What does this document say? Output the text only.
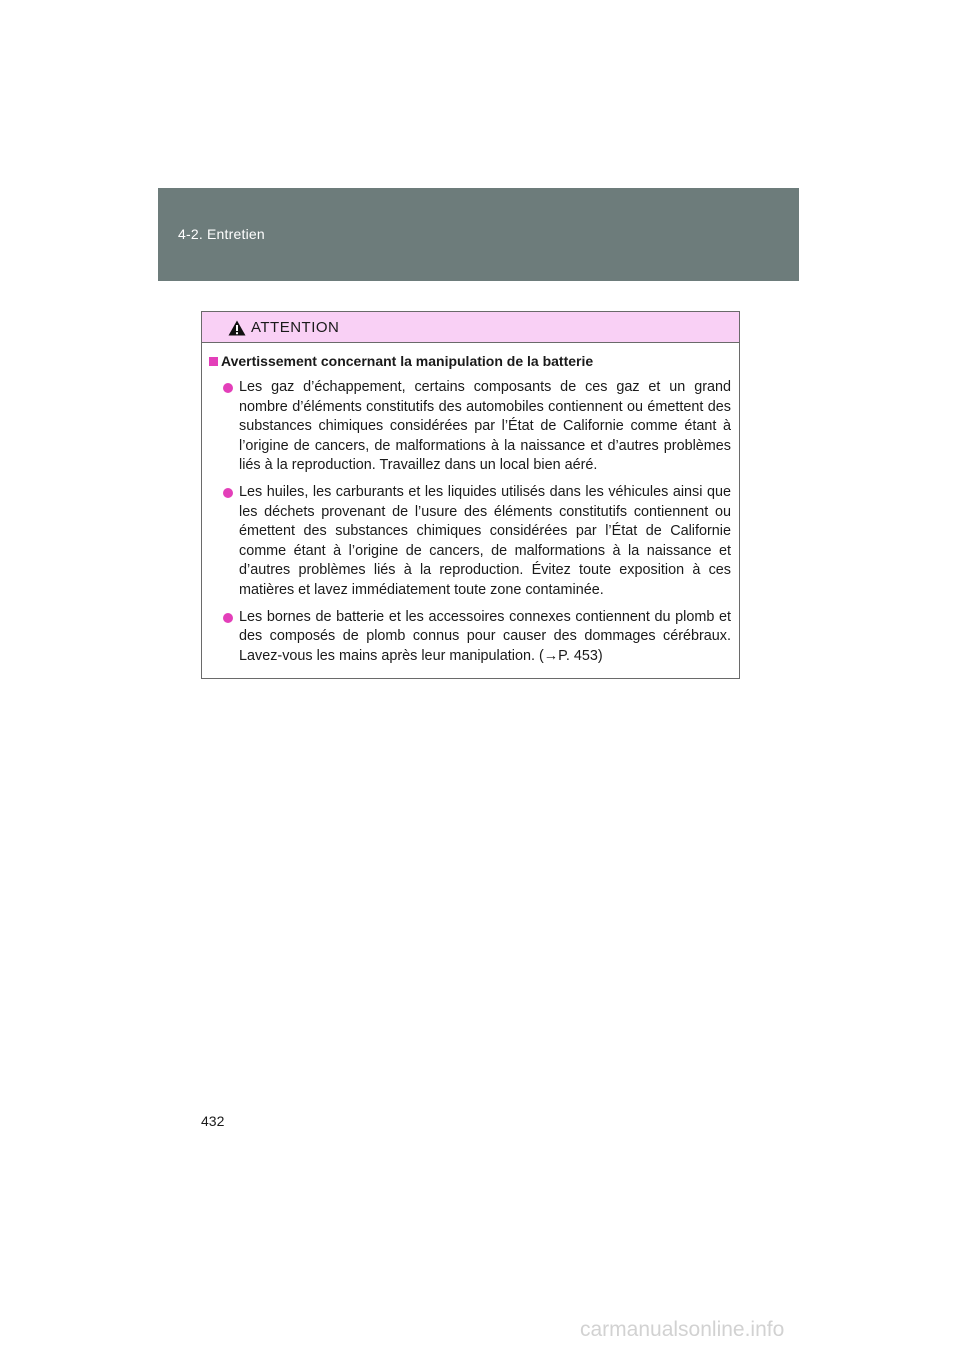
4-2. Entretien
ATTENTION
Avertissement concernant la manipulation de la batterie
Les gaz d’échappement, certains composants de ces gaz et un grand nombre d’éléments constitutifs des automobiles contiennent ou émettent des substances chimiques considérées par l’État de Californie comme étant à l’origine de cancers, de malformations à la naissance et d’autres problèmes liés à la reproduction. Travaillez dans un local bien aéré.
Les huiles, les carburants et les liquides utilisés dans les véhicules ainsi que les déchets provenant de l’usure des éléments constitutifs contiennent ou émettent des substances chimiques considérées par l’État de Californie comme étant à l’origine de cancers, de malformations à la naissance et d’autres problèmes liés à la reproduction. Évitez toute exposition à ces matières et lavez immédiatement toute zone contaminée.
Les bornes de batterie et les accessoires connexes contiennent du plomb et des composés de plomb connus pour causer des dommages cérébraux. Lavez-vous les mains après leur manipulation. (→P. 453)
432
carmanualsonline.info
